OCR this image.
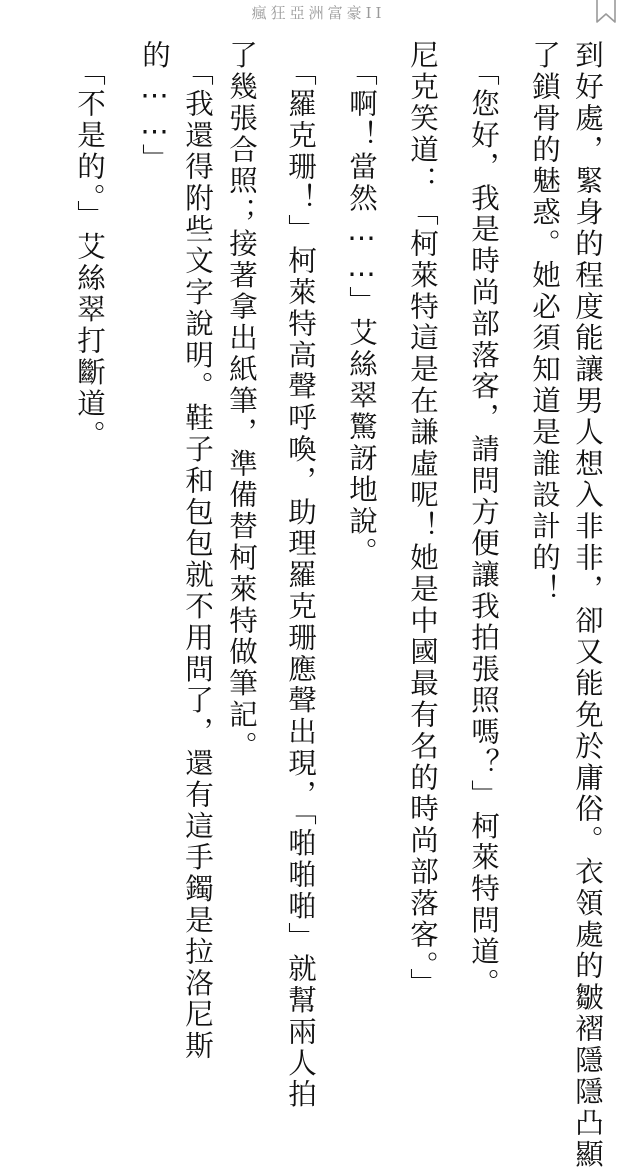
瘋狂亞洲富豪II
到好處，緊身的程度能讓男人想入非非，卻又能免於庸俗。衣領處的皺褶隱隱凸顯
了鎖骨的魅惑。她必須知道是誰設計的！
　「您好，我是時尚部落客，請問方便讓我拍張照嗎？」柯萊特問道。
尼克笑道：「柯萊特這是在謙虛呢！她是中國最有名的時尚部落客。」
　「啊！當然……」艾絲翠驚訝地說。
　「羅克珊！」柯萊特高聲呼喚，助理羅克珊應聲出現，「啪啪啪」就幫兩人拍
了幾張合照；接著拿出紙筆，準備替柯萊特做筆記。
　「我還得附些文字說明。鞋子和包包就不用問了，還有這手鐲是拉洛尼斯
的……」
　「不是的。」艾絲翠打斷道。
